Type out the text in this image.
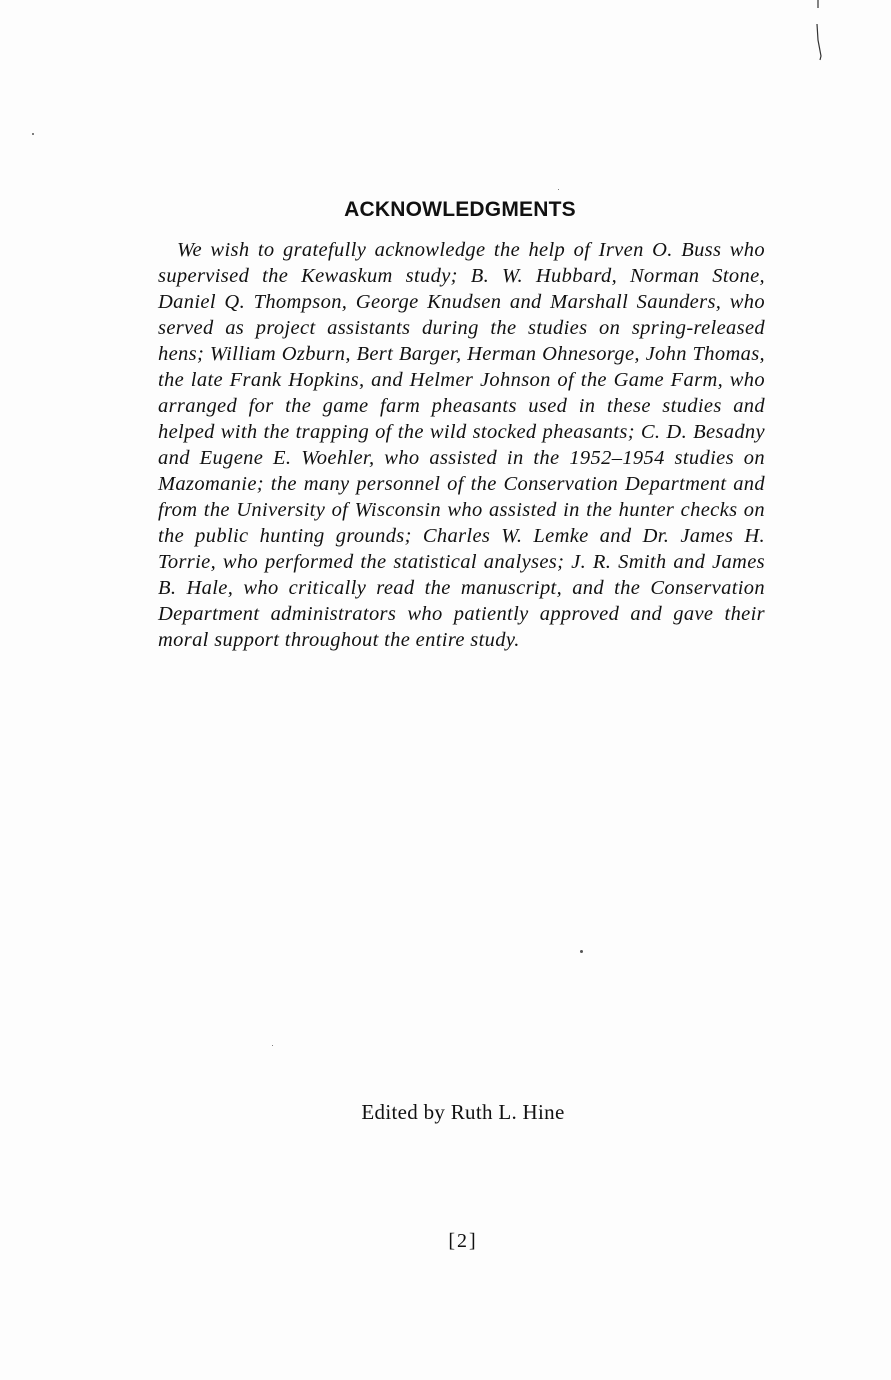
ACKNOWLEDGMENTS

We wish to gratefully acknowledge the help of Irven O. Buss who supervised the Kewaskum study; B. W. Hubbard, Norman Stone, Daniel Q. Thompson, George Knudsen and Marshall Saunders, who served as project assistants during the studies on spring-released hens; William Ozburn, Bert Barger, Herman Ohnesorge, John Thomas, the late Frank Hopkins, and Helmer Johnson of the Game Farm, who arranged for the game farm pheasants used in these studies and helped with the trapping of the wild stocked pheasants; C. D. Besadny and Eugene E. Woehler, who assisted in the 1952–1954 studies on Mazomanie; the many personnel of the Conservation Department and from the University of Wisconsin who assisted in the hunter checks on the public hunting grounds; Charles W. Lemke and Dr. James H. Torrie, who performed the statistical analyses; J. R. Smith and James B. Hale, who critically read the manuscript, and the Conservation Department administrators who patiently approved and gave their moral support throughout the entire study.

Edited by Ruth L. Hine
[2]
